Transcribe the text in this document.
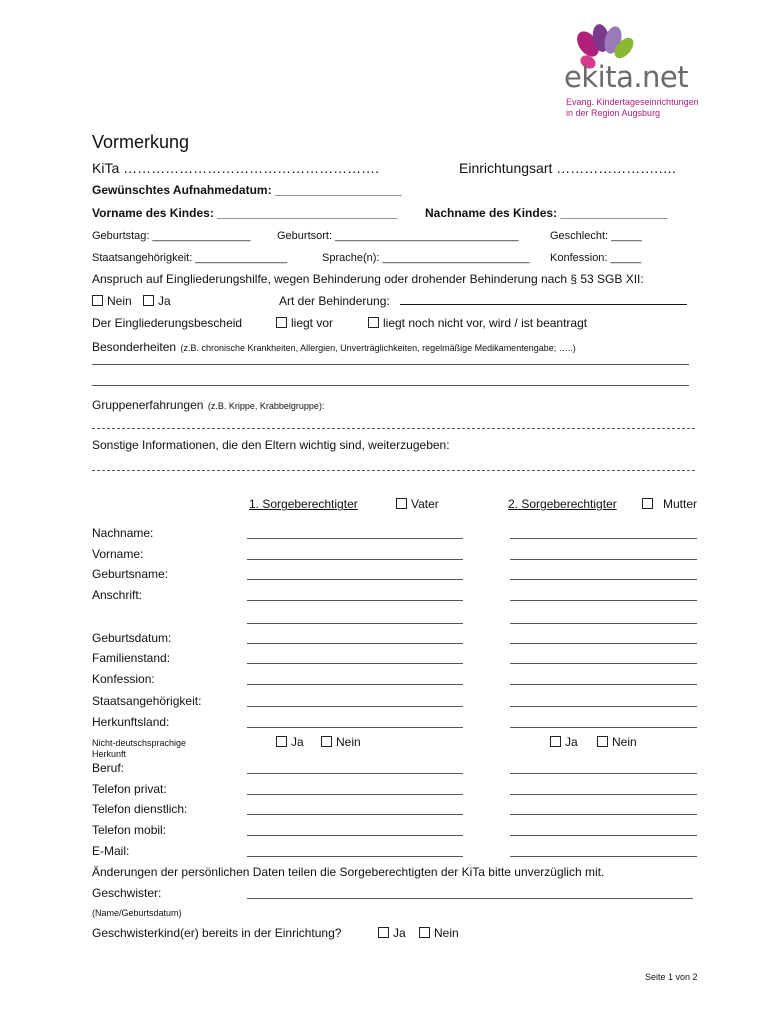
ekita.net
Evang. Kindertageseinrichtungen
in der Region Augsburg
Vormerkung
KiTa ……………………………………………….	Einrichtungsart ………………….….
Gewünschtes Aufnahmedatum: ___________________
Vorname des Kindes: ___________________________ Nachname des Kindes: ________________
Geburtstag: ________________ Geburtsort: ______________________________	Geschlecht: _____
Staatsangehörigkeit: _______________	Sprache(n): ________________________ Konfession: _____
Anspruch auf Eingliederungshilfe, wegen Behinderung oder drohender Behinderung nach § 53 SGB XII:
Nein	Ja	Art der Behinderung:
Der Eingliederungsbescheid	liegt vor	liegt noch nicht vor, wird / ist beantragt
Besonderheiten (z.B. chronische Krankheiten, Allergien, Unverträglichkeiten, regelmäßige Medikamentengabe; …..)
Gruppenerfahrungen (z.B. Krippe, Krabbelgruppe):
Sonstige Informationen, die den Eltern wichtig sind, weiterzugeben:
1. Sorgeberechtigter	Vater	2. Sorgeberechtigter	Mutter
Nachname:
Vorname:
Geburtsname:
Anschrift:
Geburtsdatum:
Familienstand:
Konfession:
Staatsangehörigkeit:
Herkunftsland:
Nicht-deutschsprachige
Herkunft
Ja	Nein	Ja	Nein
Beruf:
Telefon privat:
Telefon dienstlich:
Telefon mobil:
E-Mail:
Änderungen der persönlichen Daten teilen die Sorgeberechtigten der KiTa bitte unverzüglich mit.
Geschwister:
(Name/Geburtsdatum)
Geschwisterkind(er) bereits in der Einrichtung?	Ja	Nein
Seite 1 von 2
